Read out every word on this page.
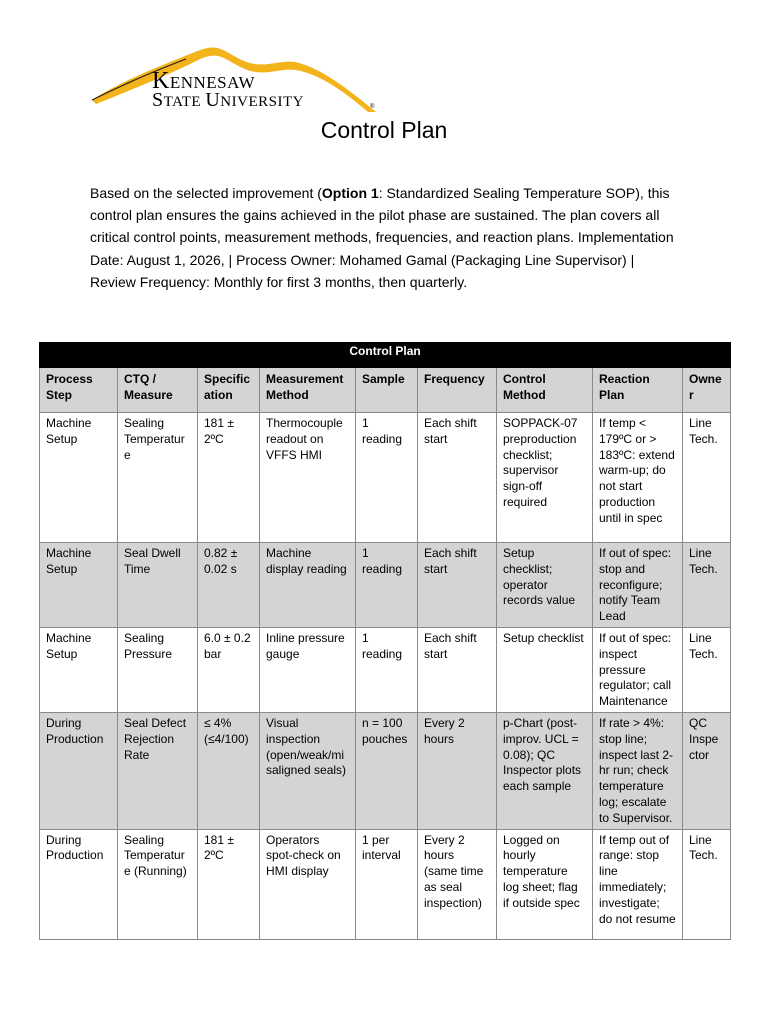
KENNESAW
STATE UNIVERSITY	®
Control Plan

Based on the selected improvement (Option 1: Standardized Sealing Temperature SOP), this control plan ensures the gains achieved in the pilot phase are sustained. The plan covers all critical control points, measurement methods, frequencies, and reaction plans. Implementation Date: August 1, 2026, | Process Owner: Mohamed Gamal (Packaging Line Supervisor) | Review Frequency: Monthly for first 3 months, then quarterly.

Control Plan								
Process Step	CTQ / Measure	Specification	Measurement Method	Sample	Frequency	Control Method	Reaction Plan	Owner
Machine Setup	Sealing Temperature	181 ± 2ºC	Thermocouple readout on VFFS HMI	1 reading	Each shift start	SOPPACK-07 preproduction checklist; supervisor sign-off required	If temp < 179ºC or > 183ºC: extend warm-up; do not start production until in spec	Line Tech.
Machine Setup	Seal Dwell Time	0.82 ± 0.02 s	Machine display reading	1 reading	Each shift start	Setup checklist; operator records value	If out of spec: stop and reconfigure; notify Team Lead	Line Tech.
Machine Setup	Sealing Pressure	6.0 ± 0.2 bar	Inline pressure gauge	1 reading	Each shift start	Setup checklist	If out of spec: inspect pressure regulator; call Maintenance	Line Tech.
During Production	Seal Defect Rejection Rate	≤ 4% (≤4/100)	Visual inspection (open/weak/misaligned seals)	n = 100 pouches	Every 2 hours	p-Chart (post-improv. UCL = 0.08); QC Inspector plots each sample	If rate > 4%: stop line; inspect last 2-hr run; check temperature log; escalate to Supervisor.	QC Inspector
During Production	Sealing Temperature (Running)	181 ± 2ºC	Operators spot-check on HMI display	1 per interval	Every 2 hours (same time as seal inspection)	Logged on hourly temperature log sheet; flag if outside spec	If temp out of range: stop line immediately; investigate; do not resume	Line Tech.
